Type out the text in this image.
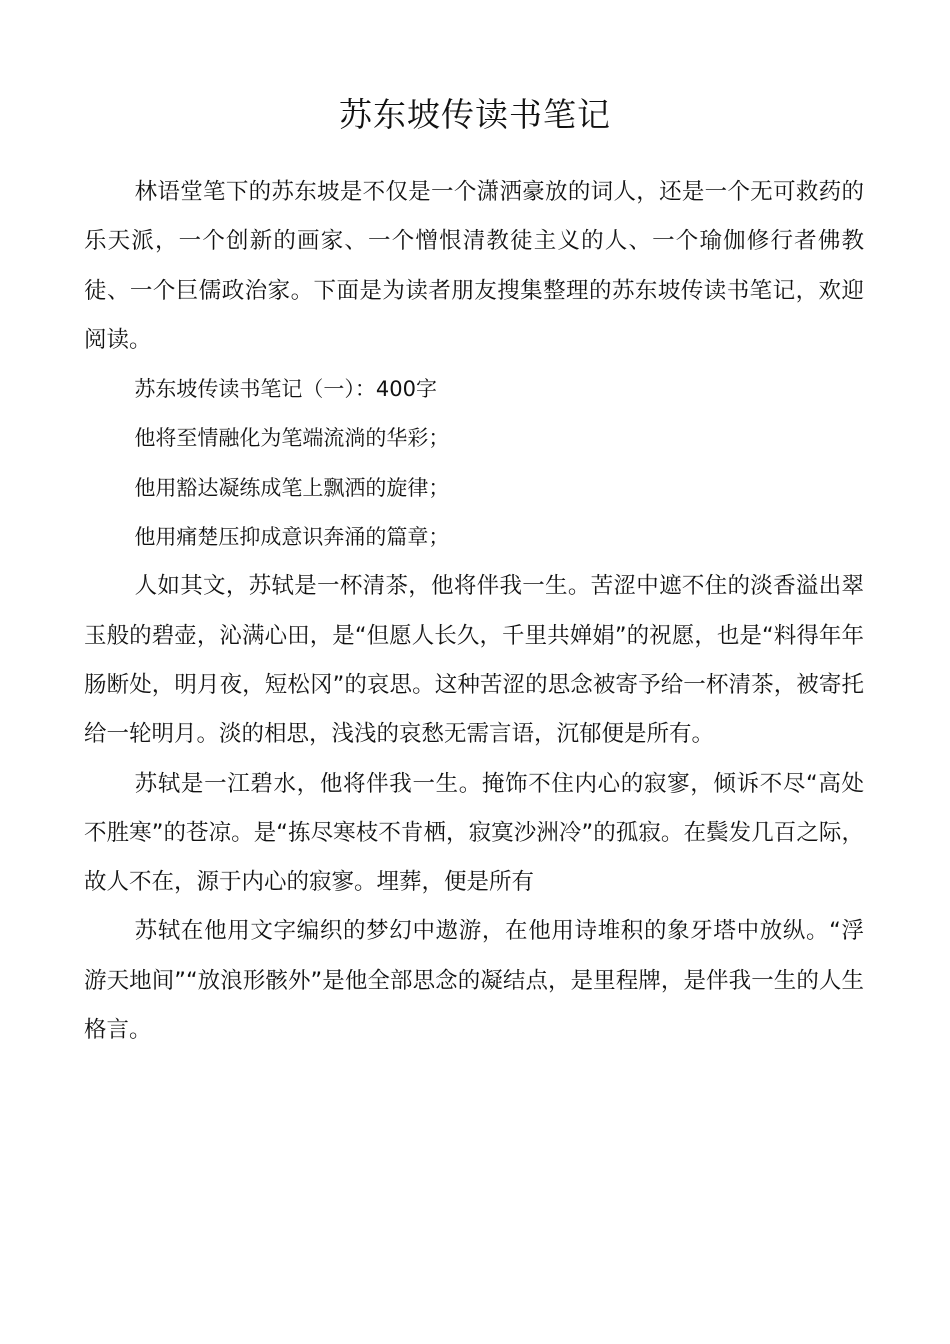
苏东坡传读书笔记

林语堂笔下的苏东坡是不仅是一个潇洒豪放的词人，还是一个无可救药的乐天派，一个创新的画家、一个憎恨清教徒主义的人、一个瑜伽修行者佛教徒、一个巨儒政治家。下面是为读者朋友搜集整理的苏东坡传读书笔记，欢迎阅读。

苏东坡传读书笔记（一）：400字

他将至情融化为笔端流淌的华彩；

他用豁达凝练成笔上飘洒的旋律；

他用痛楚压抑成意识奔涌的篇章；

人如其文，苏轼是一杯清茶，他将伴我一生。苦涩中遮不住的淡香溢出翠玉般的碧壶，沁满心田，是“但愿人长久，千里共婵娟”的祝愿，也是“料得年年肠断处，明月夜，短松冈”的哀思。这种苦涩的思念被寄予给一杯清茶，被寄托给一轮明月。淡的相思，浅浅的哀愁无需言语，沉郁便是所有。

苏轼是一江碧水，他将伴我一生。掩饰不住内心的寂寥，倾诉不尽“高处不胜寒”的苍凉。是“拣尽寒枝不肯栖，寂寞沙洲冷”的孤寂。在鬓发几百之际，故人不在，源于内心的寂寥。埋葬，便是所有

苏轼在他用文字编织的梦幻中遨游，在他用诗堆积的象牙塔中放纵。“浮游天地间”“放浪形骸外”是他全部思念的凝结点，是里程牌，是伴我一生的人生格言。
